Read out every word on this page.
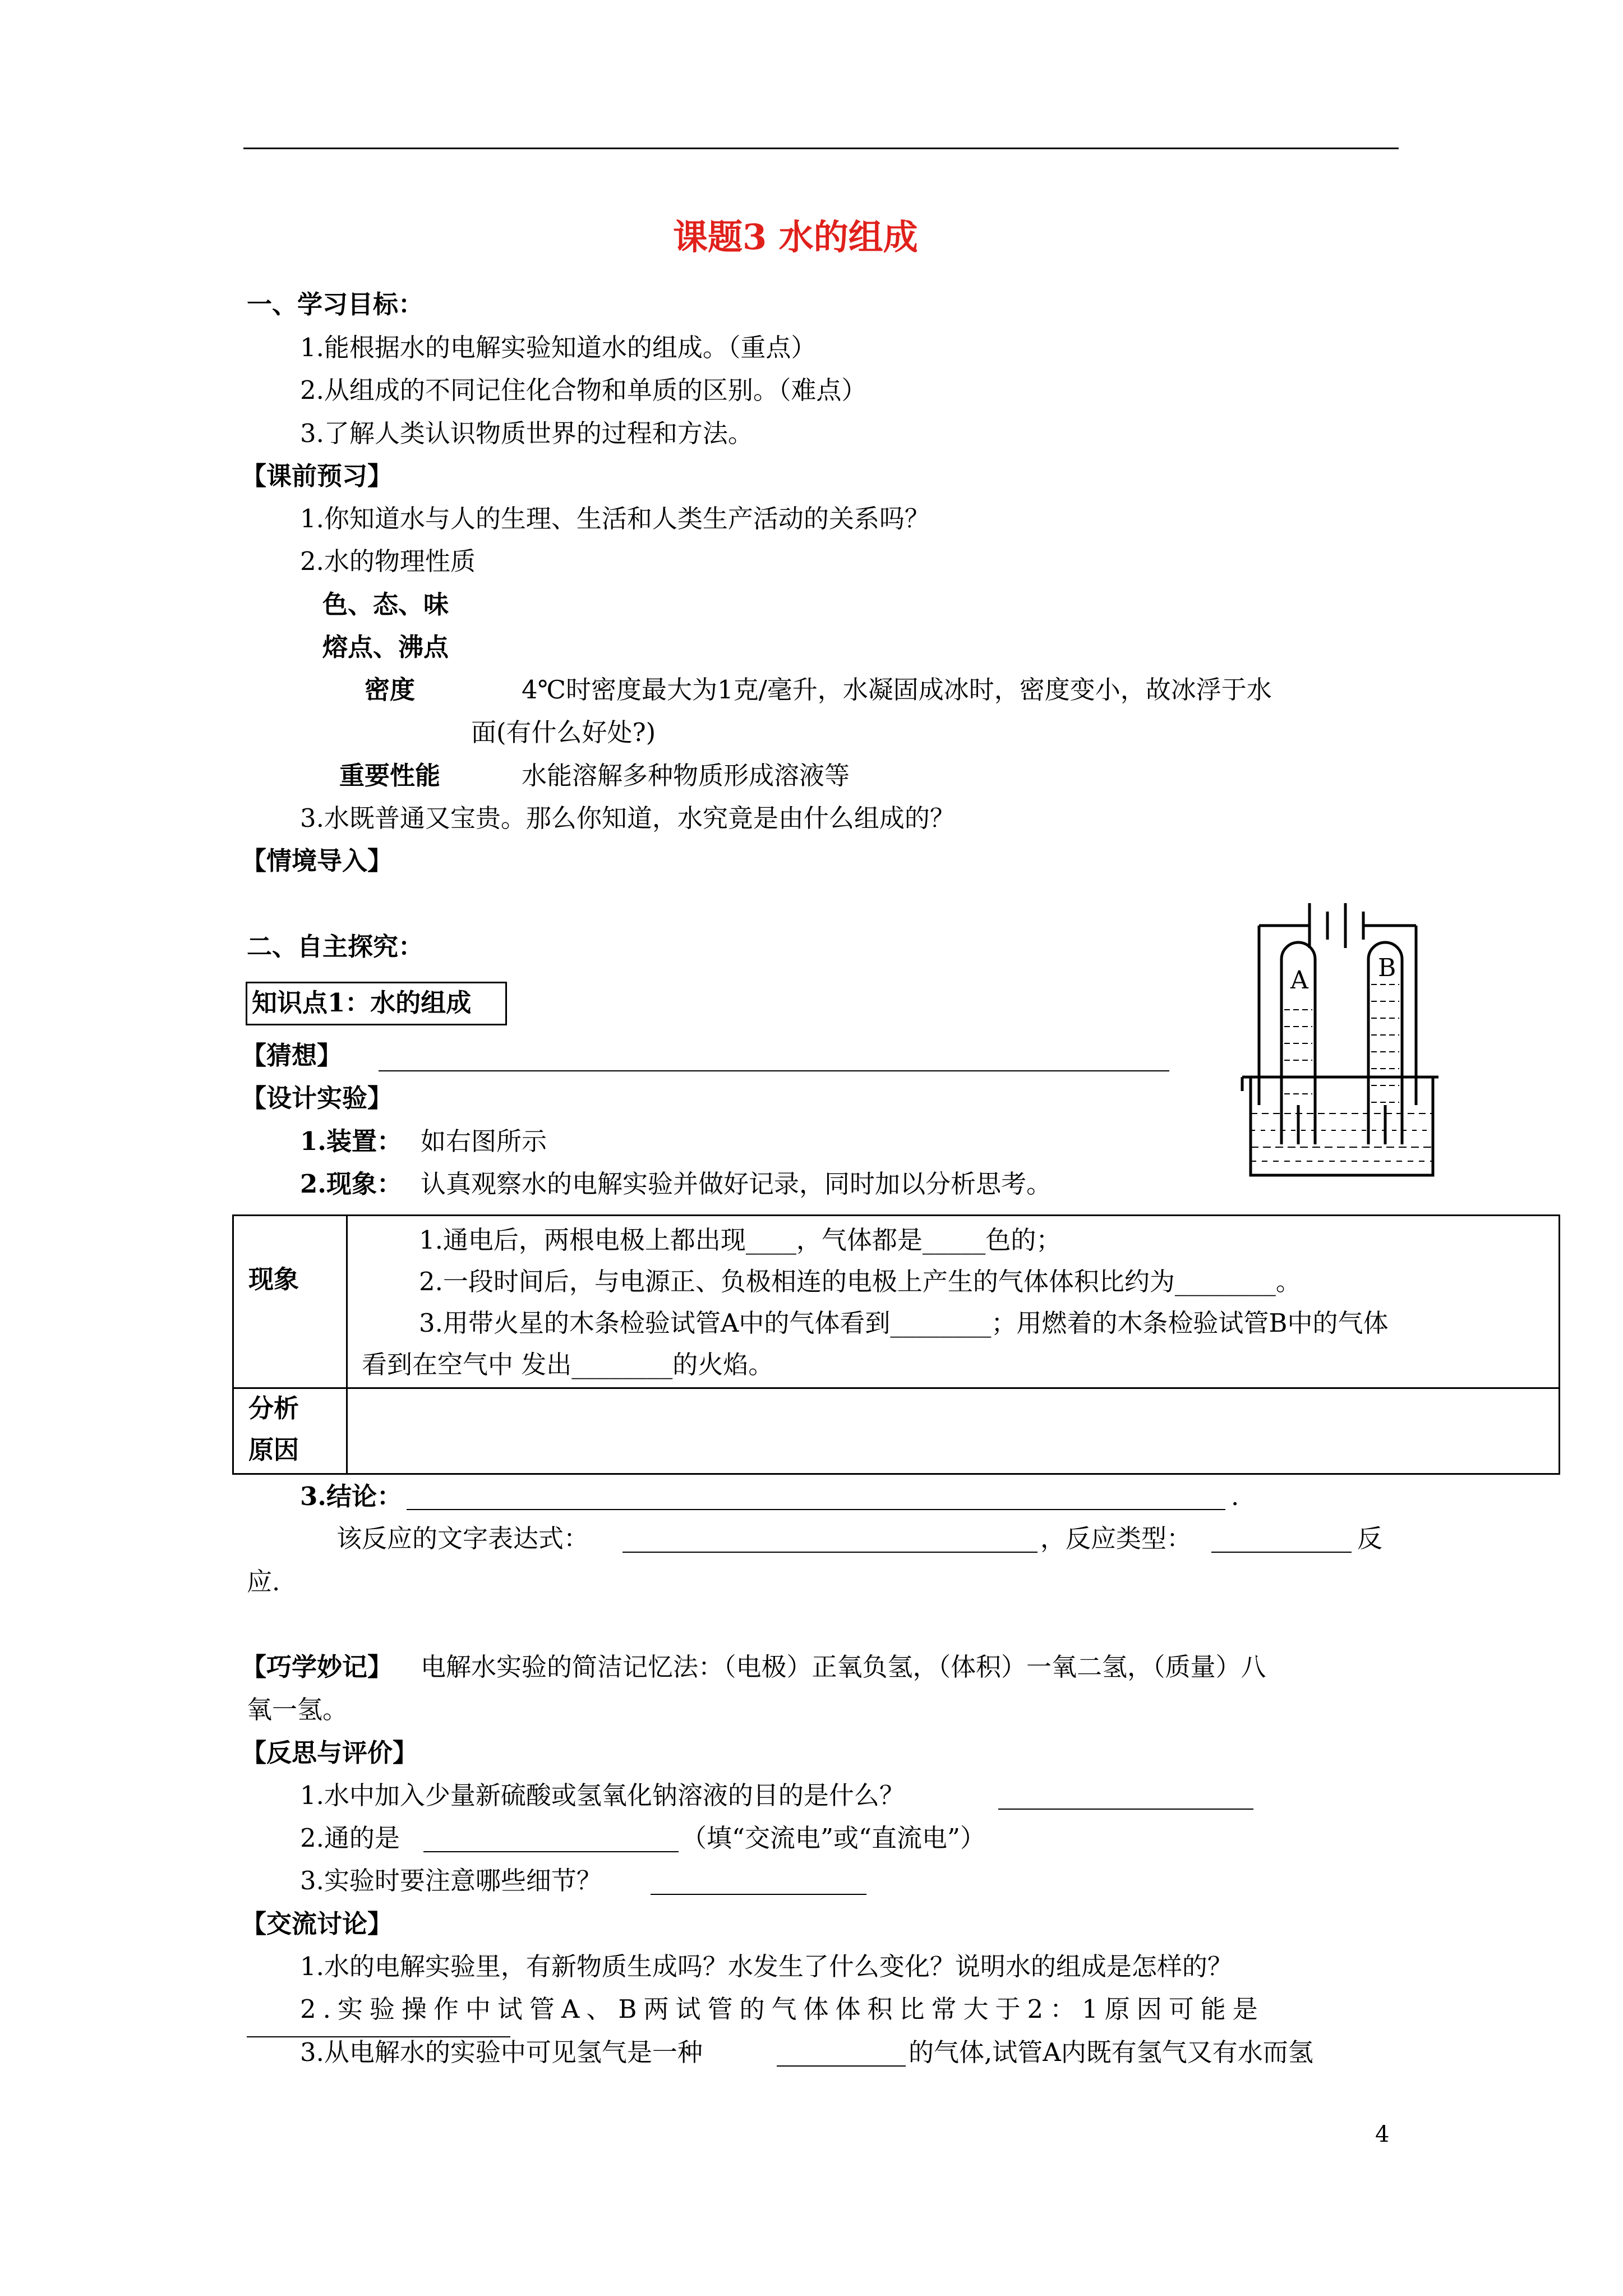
课题3 水的组成
一、学习目标：
1.能根据水的电解实验知道水的组成。（重点）
2.从组成的不同记住化合物和单质的区别。（难点）
3.了解人类认识物质世界的过程和方法。
【课前预习】
1.你知道水与人的生理、生活和人类生产活动的关系吗？
2.水的物理性质
色、态、味
熔点、沸点
密度	4℃时密度最大为1克/毫升，水凝固成冰时，密度变小，故冰浮于水
面(有什么好处?)
重要性能	水能溶解多种物质形成溶液等
3.水既普通又宝贵。那么你知道，水究竟是由什么组成的？
【情境导入】
二、自主探究：
知识点1：水的组成
【猜想】
【设计实验】
1.装置： 如右图所示
2.现象： 认真观察水的电解实验并做好记录，同时加以分析思考。
A	B
现象
1.通电后，两根电极上都出现____，气体都是_____色的；
2.一段时间后，与电源正、负极相连的电极上产生的气体体积比约为________。
3.用带火星的木条检验试管A中的气体看到________；用燃着的木条检验试管B中的气体
看到在空气中 发出________的火焰。
分析
原因
3.结论：	.
该反应的文字表达式：	，反应类型：	反
应.
【巧学妙记】 电解水实验的简洁记忆法：（电极）正氧负氢，（体积）一氧二氢，（质量）八
氧一氢。
【反思与评价】
1.水中加入少量新硫酸或氢氧化钠溶液的目的是什么？
2.通的是	（填“交流电”或“直流电”）
3.实验时要注意哪些细节？
【交流讨论】
1.水的电解实验里，有新物质生成吗？水发生了什么变化？说明水的组成是怎样的？
2.实验操作中试管A、B两试管的气体体积比常大于2：1原因可能是
3.从电解水的实验中可见氢气是一种	的气体,试管A内既有氢气又有水而氢
4
